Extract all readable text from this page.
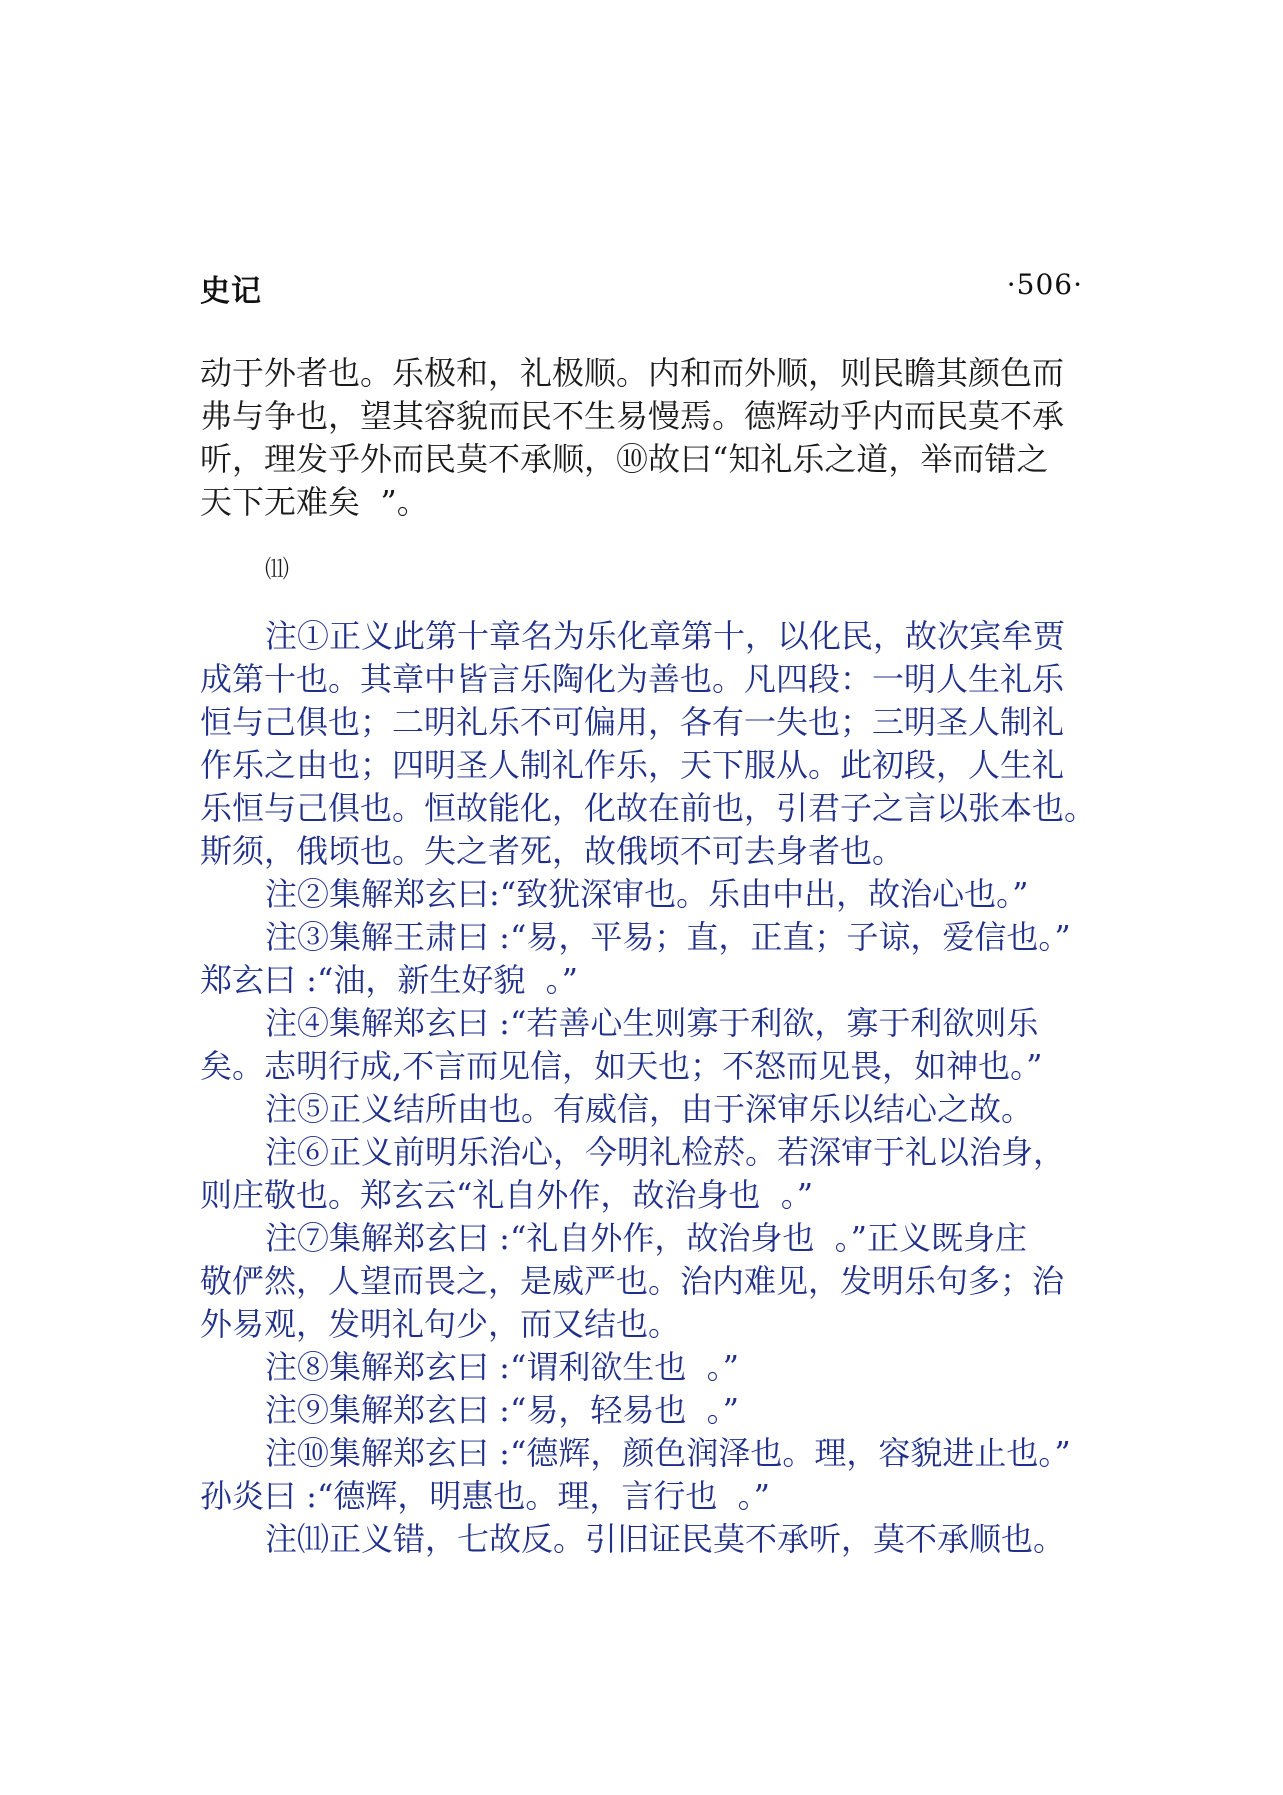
史记	·506·

动于外者也。乐极和，礼极顺。内和而外顺，则民瞻其颜色而

弗与争也，望其容貌而民不生易慢焉。德辉动乎内而民莫不承

听，理发乎外而民莫不承顺，⑩故曰“知礼乐之道，举而错之

天下无难矣  ”。

⑾

注①正义此第十章名为乐化章第十，以化民，故次宾牟贾

成第十也。其章中皆言乐陶化为善也。凡四段：一明人生礼乐

恒与己俱也；二明礼乐不可偏用，各有一失也；三明圣人制礼

作乐之由也；四明圣人制礼作乐，天下服从。此初段，人生礼

乐恒与己俱也。恒故能化，化故在前也，引君子之言以张本也。

斯须，俄顷也。失之者死，故俄顷不可去身者也。

注②集解郑玄曰:“致犹深审也。乐由中出，故治心也。”

注③集解王肃曰 :“易，平易；直，正直；子谅，爱信也。”

郑玄曰 :“油，新生好貌  。”

注④集解郑玄曰 :“若善心生则寡于利欲，寡于利欲则乐

矣。志明行成,不言而见信，如天也；不怒而见畏，如神也。”

注⑤正义结所由也。有威信，由于深审乐以结心之故。

注⑥正义前明乐治心，今明礼检菸。若深审于礼以治身，

则庄敬也。郑玄云“礼自外作，故治身也  。”

注⑦集解郑玄曰 :“礼自外作，故治身也  。”正义既身庄

敬俨然，人望而畏之，是威严也。治内难见，发明乐句多；治

外易观，发明礼句少，而又结也。

注⑧集解郑玄曰 :“谓利欲生也  。”

注⑨集解郑玄曰 :“易，轻易也  。”

注⑩集解郑玄曰 :“德辉，颜色润泽也。理，容貌进止也。”

孙炎曰 :“德辉，明惠也。理，言行也  。”

注⑾正义错，七故反。引旧证民莫不承听，莫不承顺也。
